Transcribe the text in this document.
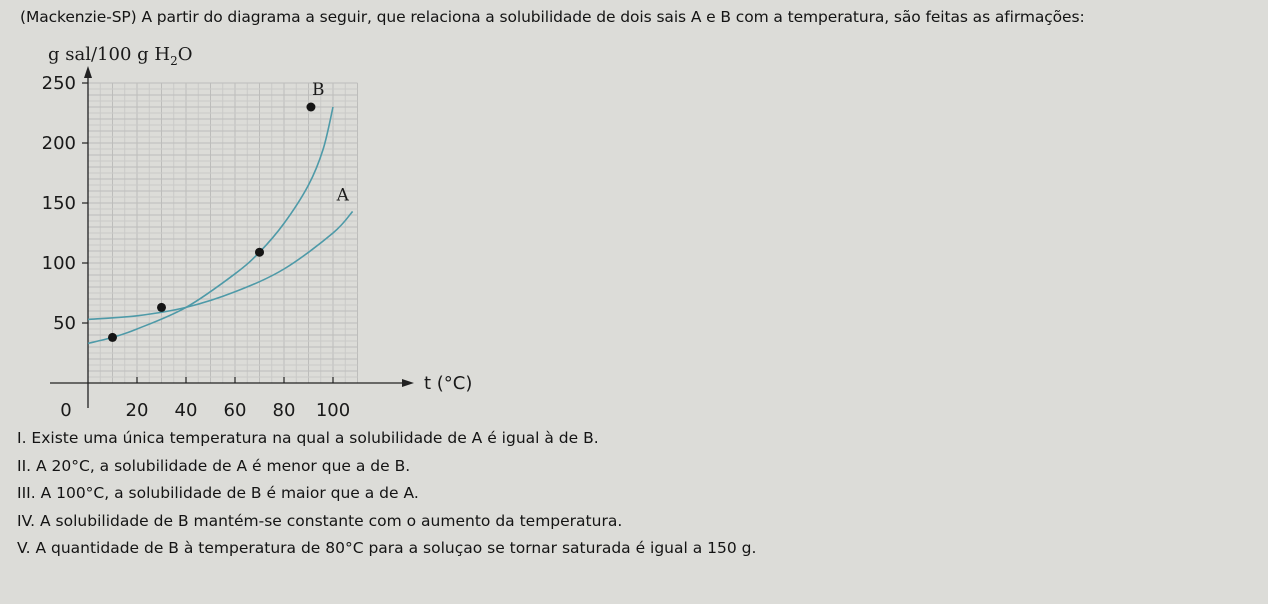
(Mackenzie-SP) A partir do diagrama a seguir, que relaciona a solubilidade de dois sais A e B com a temperatura, são feitas as afirmações:

50
100
150
200
250
0	20 40 60 80 100
B
A
g sal/100 g $H_2O$
t (°C)
I. Existe uma única temperatura na qual a solubilidade de A é igual à de B.
II. A 20°C, a solubilidade de A é menor que a de B.
III. A 100°C, a solubilidade de B é maior que a de A.
IV. A solubilidade de B mantém-se constante com o aumento da temperatura.
V. A quantidade de B à temperatura de 80°C para a soluçao se tornar saturada é igual a 150 g.
